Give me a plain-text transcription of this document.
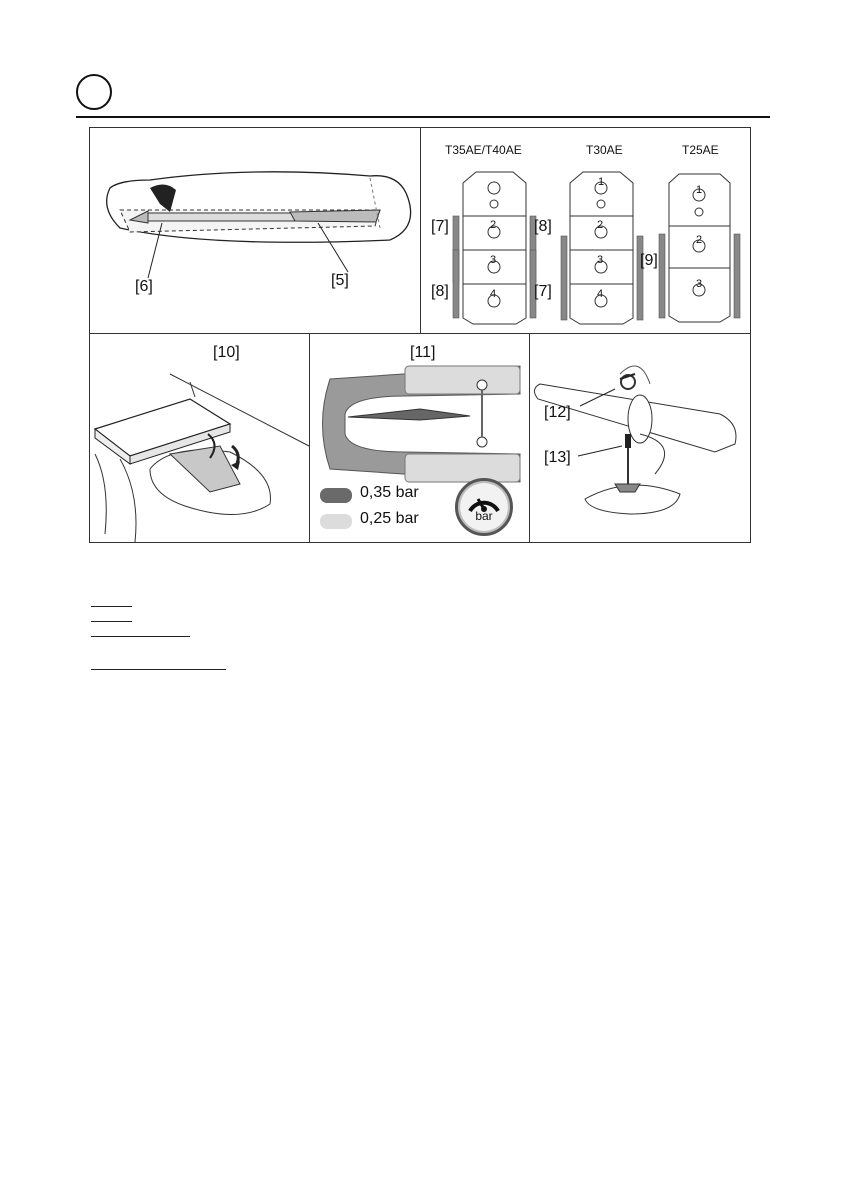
[6]	[5]
T35AE/T40AE	T30AE	T25AE
2
3
4
1
2
3
4
1
2
3
[7]	[8]
[8]	[7]
[9]
[10]	[11]
0,35 bar
0,25 bar	bar
[12]
[13]
